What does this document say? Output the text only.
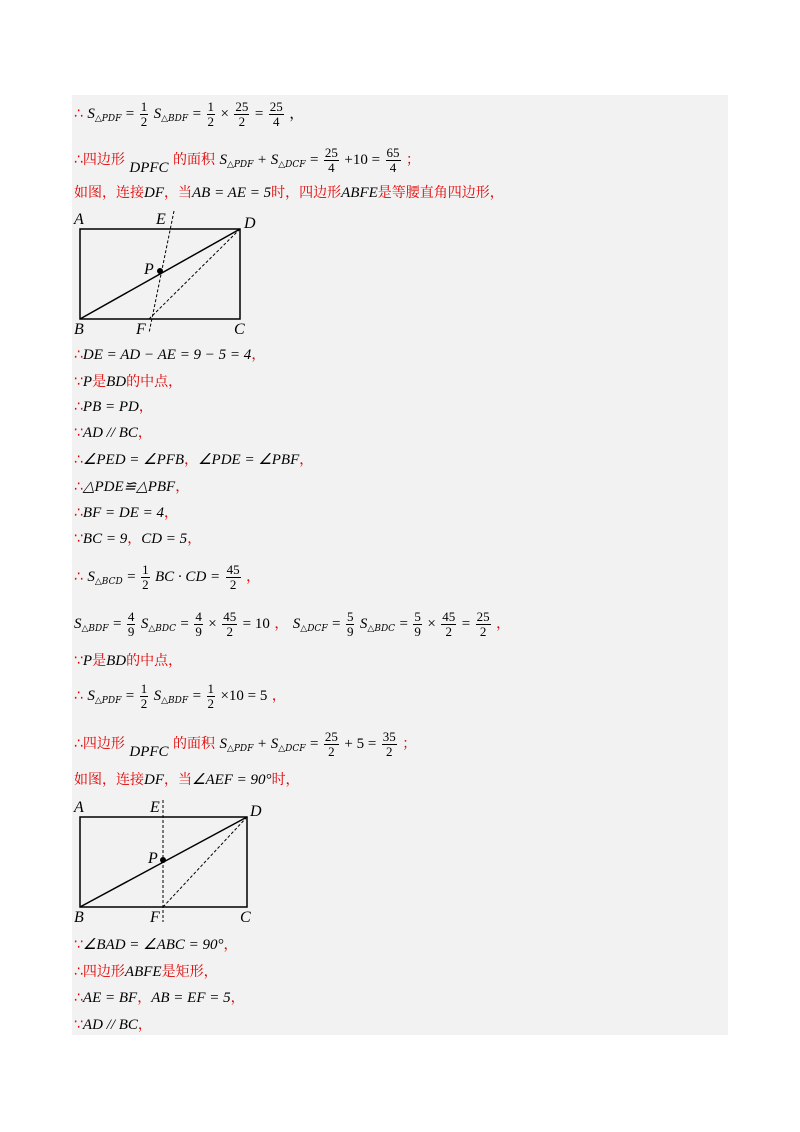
∴ $S_{\triangle PDF} = \frac{1}{2} S_{\triangle BDF} = \frac{1}{2} \times \frac{25}{2} = \frac{25}{4}$ ，
∴四边形 DPFC 的面积 $S_{\triangle PDF} + S_{\triangle DCF} = \frac{25}{4} +10 = \frac{65}{4}$ ；
如图，连接DF，当AB = AE = 5时，四边形ABFE是等腰直角四边形，
A	E	D
P
B	F	C
∴DE = AD − AE = 9 − 5 = 4，
∵P是BD的中点，
∴PB = PD，
∵AD // BC，
∴∠PED = ∠PFB，∠PDE = ∠PBF，
∴△PDE≌△PBF，
∴BF = DE = 4，
∵BC = 9，CD = 5，
∴ $S_{\triangle BCD} = \frac{1}{2}$ BC · CD = $\frac{45}{2}$ ，
$S_{\triangle BDF} = \frac{4}{9} S_{\triangle BDC} = \frac{4}{9} \times \frac{45}{2} = 10$ ， $S_{\triangle DCF} = \frac{5}{9} S_{\triangle BDC} = \frac{5}{9} \times \frac{45}{2} = \frac{25}{2}$ ，
∵P是BD的中点，
∴ $S_{\triangle PDF} = \frac{1}{2} S_{\triangle BDF} = \frac{1}{2} \times 10 = 5$ ，
∴四边形 DPFC 的面积 $S_{\triangle PDF} + S_{\triangle DCF} = \frac{25}{2} + 5 = \frac{35}{2}$ ；
如图，连接DF，当∠AEF = 90°时，
A	E	D
P
B	F	C
∵∠BAD = ∠ABC = 90°，
∴四边形ABFE是矩形，
∴AE = BF，AB = EF = 5，
∵AD // BC，
